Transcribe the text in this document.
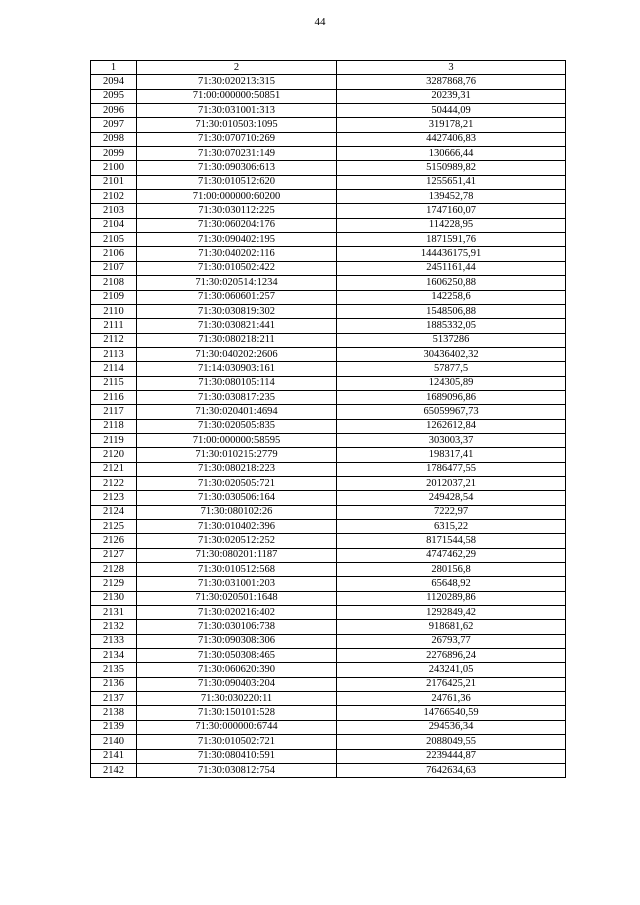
44
1	2	3
2094	71:30:020213:315	3287868,76
2095	71:00:000000:50851	20239,31
2096	71:30:031001:313	50444,09
2097	71:30:010503:1095	319178,21
2098	71:30:070710:269	4427406,83
2099	71:30:070231:149	130666,44
2100	71:30:090306:613	5150989,82
2101	71:30:010512:620	1255651,41
2102	71:00:000000:60200	139452,78
2103	71:30:030112:225	1747160,07
2104	71:30:060204:176	114228,95
2105	71:30:090402:195	1871591,76
2106	71:30:040202:116	144436175,91
2107	71:30:010502:422	2451161,44
2108	71:30:020514:1234	1606250,88
2109	71:30:060601:257	142258,6
2110	71:30:030819:302	1548506,88
2111	71:30:030821:441	1885332,05
2112	71:30:080218:211	5137286
2113	71:30:040202:2606	30436402,32
2114	71:14:030903:161	57877,5
2115	71:30:080105:114	124305,89
2116	71:30:030817:235	1689096,86
2117	71:30:020401:4694	65059967,73
2118	71:30:020505:835	1262612,84
2119	71:00:000000:58595	303003,37
2120	71:30:010215:2779	198317,41
2121	71:30:080218:223	1786477,55
2122	71:30:020505:721	2012037,21
2123	71:30:030506:164	249428,54
2124	71:30:080102:26	7222,97
2125	71:30:010402:396	6315,22
2126	71:30:020512:252	8171544,58
2127	71:30:080201:1187	4747462,29
2128	71:30:010512:568	280156,8
2129	71:30:031001:203	65648,92
2130	71:30:020501:1648	1120289,86
2131	71:30:020216:402	1292849,42
2132	71:30:030106:738	918681,62
2133	71:30:090308:306	26793,77
2134	71:30:050308:465	2276896,24
2135	71:30:060620:390	243241,05
2136	71:30:090403:204	2176425,21
2137	71:30:030220:11	24761,36
2138	71:30:150101:528	14766540,59
2139	71:30:000000:6744	294536,34
2140	71:30:010502:721	2088049,55
2141	71:30:080410:591	2239444,87
2142	71:30:030812:754	7642634,63
